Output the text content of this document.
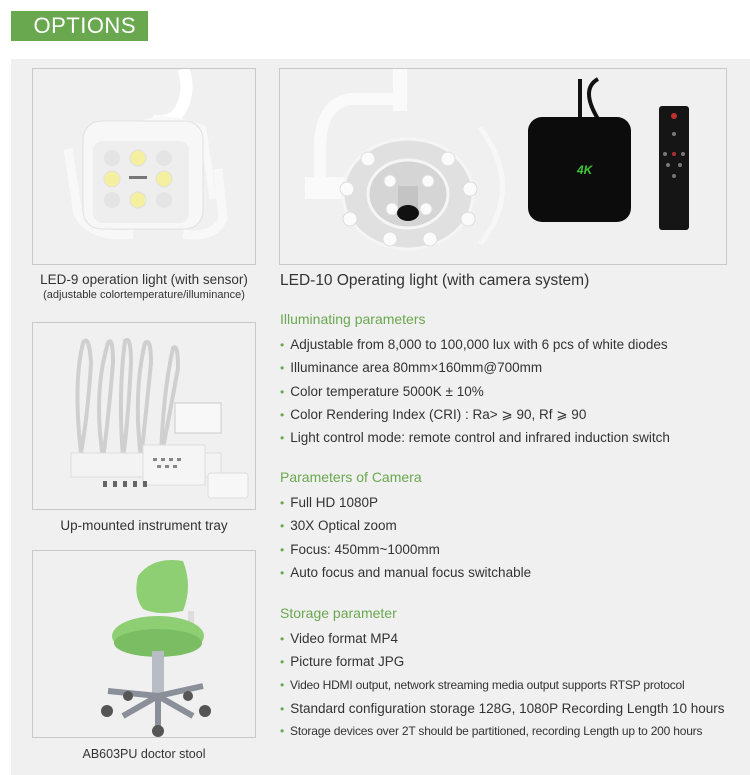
OPTIONS
LED-9 operation light (with sensor)
(adjustable colortemperature/illuminance)
Up-mounted instrument tray
AB603PU doctor stool
4K
LED-10 Operating light (with camera system)
Illuminating parameters
• Adjustable from 8,000 to 100,000 lux with 6 pcs of white diodes
• Illuminance area 80mm×160mm@700mm
• Color temperature 5000K ± 10%
• Color Rendering Index (CRI) : Ra> ⩾ 90, Rf ⩾ 90
• Light control mode: remote control and infrared induction switch
Parameters of Camera
• Full HD 1080P
• 30X Optical zoom
• Focus: 450mm~1000mm
• Auto focus and manual focus switchable
Storage parameter
• Video format MP4
• Picture format JPG
• Video HDMI output, network streaming media output supports RTSP protocol
• Standard configuration storage 128G, 1080P Recording Length 10 hours
• Storage devices over 2T should be partitioned, recording Length up to 200 hours
